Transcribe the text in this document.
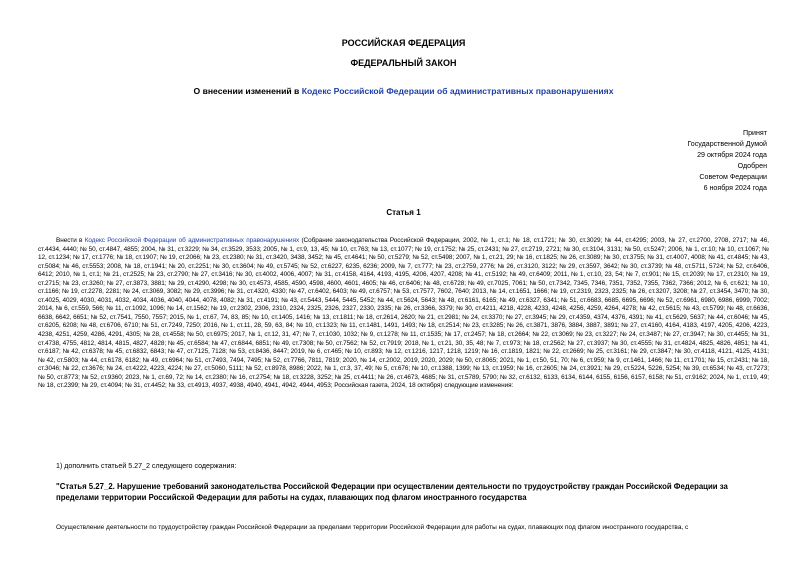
РОССИЙСКАЯ ФЕДЕРАЦИЯ
ФЕДЕРАЛЬНЫЙ ЗАКОН
О внесении изменений в Кодекс Российской Федерации об административных правонарушениях
Принят
Государственной Думой
29 октября 2024 года
Одобрен
Советом Федерации
6 ноября 2024 года
Статья 1
Внести в Кодекс Российской Федерации об административных правонарушениях (Собрание законодательства Российской Федерации, 2002, № 1, ст.1; № 18, ст.1721; № 30, ст.3029; № 44, ст.4295; 2003, № 27, ст.2700, 2708, 2717; № 46, ст.4434, 4440; № 50, ст.4847, 4855; 2004, № 31, ст.3229; № 34, ст.3529, 3533; 2005, № 1, ст.9, 13, 45; № 10, ст.763; № 13, ст.1077; № 19, ст.1752; № 25, ст.2431; № 27, ст.2719, 2721; № 30, ст.3104, 3131; № 50, ст.5247; 2006, № 1, ст.10; № 10, ст.1067; № 12, ст.1234; № 17, ст.1776; № 18, ст.1907; № 19, ст.2066; № 23, ст.2380; № 31, ст.3420, 3438, 3452; № 45, ст.4641; № 50, ст.5279; № 52, ст.5498; 2007, № 1, ст.21, 29; № 16, ст.1825; № 26, ст.3089; № 30, ст.3755; № 31, ст.4007, 4008; № 41, ст.4845; № 43, ст.5084; № 46, ст.5553; 2008, № 18, ст.1941; № 20, ст.2251; № 30, ст.3604; № 49, ст.5745; № 52, ст.6227, 6235, 6236; 2009, № 7, ст.777; № 23, ст.2759, 2776; № 26, ст.3120, 3122; № 29, ст.3597, 3642; № 30, ст.3739; № 48, ст.5711, 5724; № 52, ст.6406, 6412; 2010, № 1, ст.1; № 21, ст.2525; № 23, ст.2790; № 27, ст.3416; № 30, ст.4002, 4006, 4007; № 31, ст.4158, 4164, 4193, 4195, 4206, 4207, 4208; № 41, ст.5192; № 49, ст.6409; 2011, № 1, ст.10, 23, 54; № 7, ст.901; № 15, ст.2039; № 17, ст.2310; № 19, ст.2715; № 23, ст.3260; № 27, ст.3873, 3881; № 29, ст.4290, 4298; № 30, ст.4573, 4585, 4590, 4598, 4600, 4601, 4605; № 46, ст.6406; № 48, ст.6728; № 49, ст.7025, 7061; № 50, ст.7342, 7345, 7346, 7351, 7352, 7355, 7362, 7366; 2012, № 6, ст.621; № 10, ст.1166; № 19, ст.2278, 2281; № 24, ст.3069, 3082; № 29, ст.3996; № 31, ст.4320, 4330; № 47, ст.6402, 6403; № 49, ст.6757; № 53, ст.7577, 7602, 7640; 2013, № 14, ст.1651, 1666; № 19, ст.2319, 2323, 2325; № 26, ст.3207, 3208; № 27, ст.3454, 3470; № 30, ст.4025, 4029, 4030, 4031, 4032, 4034, 4036, 4040, 4044, 4078, 4082; № 31, ст.4191; № 43, ст.5443, 5444, 5445, 5452; № 44, ст.5624, 5643; № 48, ст.6161, 6165; № 49, ст.6327, 6341; № 51, ст.6683, 6685, 6695, 6696; № 52, ст.6961, 6980, 6986, 6999, 7002; 2014, № 6, ст.559, 566; № 11, ст.1092, 1096; № 14, ст.1562; № 19, ст.2302, 2306, 2310, 2324, 2325, 2326, 2327, 2330, 2335; № 26, ст.3366, 3379; № 30, ст.4211, 4218, 4228, 4233, 4248, 4256, 4259, 4264, 4278; № 42, ст.5615; № 43, ст.5799; № 48, ст.6636, 6638, 6642, 6651; № 52, ст.7541, 7550, 7557; 2015, № 1, ст.67, 74, 83, 85; № 10, ст.1405, 1416; № 13, ст.1811; № 18, ст.2614, 2620; № 21, ст.2981; № 24, ст.3370; № 27, ст.3945; № 29, ст.4359, 4374, 4376, 4391; № 41, ст.5629, 5637; № 44, ст.6046; № 45, ст.6205, 6208; № 48, ст.6706, 6710; № 51, ст.7249, 7250; 2016, № 1, ст.11, 28, 59, 63, 84; № 10, ст.1323; № 11, ст.1481, 1491, 1493; № 18, ст.2514; № 23, ст.3285; № 26, ст.3871, 3876, 3884, 3887, 3891; № 27, ст.4160, 4164, 4183, 4197, 4205, 4206, 4223, 4238, 4251, 4259, 4286, 4291, 4305; № 28, ст.4558; № 50, ст.6975; 2017, № 1, ст.12, 31, 47; № 7, ст.1030, 1032; № 9, ст.1278; № 11, ст.1535; № 17, ст.2457; № 18, ст.2664; № 22, ст.3069; № 23, ст.3227; № 24, ст.3487; № 27, ст.3947; № 30, ст.4455; № 31, ст.4738, 4755, 4812, 4814, 4815, 4827, 4828; № 45, ст.6584; № 47, ст.6844, 6851; № 49, ст.7308; № 50, ст.7562; № 52, ст.7919; 2018, № 1, ст.21, 30, 35, 48; № 7, ст.973; № 18, ст.2562; № 27, ст.3937; № 30, ст.4555; № 31, ст.4824, 4825, 4826, 4851; № 41, ст.6187; № 42, ст.6378; № 45, ст.6832, 6843; № 47, ст.7125, 7128; № 53, ст.8436, 8447; 2019, № 6, ст.465; № 10, ст.893; № 12, ст.1216, 1217, 1218, 1219; № 16, ст.1819, 1821; № 22, ст.2669; № 25, ст.3161; № 29, ст.3847; № 30, ст.4118, 4121, 4125, 4131; № 42, ст.5803; № 44, ст.6178, 6182; № 49, ст.6964; № 51, ст.7493, 7494, 7495; № 52, ст.7766, 7811, 7819; 2020, № 14, ст.2002, 2019, 2020, 2029; № 50, ст.8065; 2021, № 1, ст.50, 51, 70; № 6, ст.959; № 9, ст.1461, 1466; № 11, ст.1701; № 15, ст.2431; № 18, ст.3046; № 22, ст.3676; № 24, ст.4222, 4223, 4224; № 27, ст.5060, 5111; № 52, ст.8978, 8986; 2022, № 1, ст.3, 37, 49; № 5, ст.676; № 10, ст.1388, 1399; № 13, ст.1959; № 16, ст.2605; № 24, ст.3921; № 29, ст.5224, 5226, 5254; № 39, ст.6534; № 43, ст.7273; № 50, ст.8773; № 52, ст.9360; 2023, № 1, ст.69, 72; № 14, ст.2380; № 16, ст.2754; № 18, ст.3228, 3252; № 25, ст.4411; № 26, ст.4673, 4685; № 31, ст.5789, 5790; № 32, ст.6132, 6133, 6134, 6144, 6155, 6156, 6157, 6158; № 51, ст.9162; 2024, № 1, ст.19, 49; № 18, ст.2399; № 29, ст.4094; № 31, ст.4452; № 33, ст.4913, 4937, 4938, 4940, 4941, 4942, 4944, 4953; Российская газета, 2024, 18 октября) следующие изменения:
1) дополнить статьей 5.27_2 следующего содержания:
"Статья 5.27_2. Нарушение требований законодательства Российской Федерации при осуществлении деятельности по трудоустройству граждан Российской Федерации за пределами территории Российской Федерации для работы на судах, плавающих под флагом иностранного государства
Осуществление деятельности по трудоустройству граждан Российской Федерации за пределами территории Российской Федерации для работы на судах, плавающих под флагом иностранного государства, с
